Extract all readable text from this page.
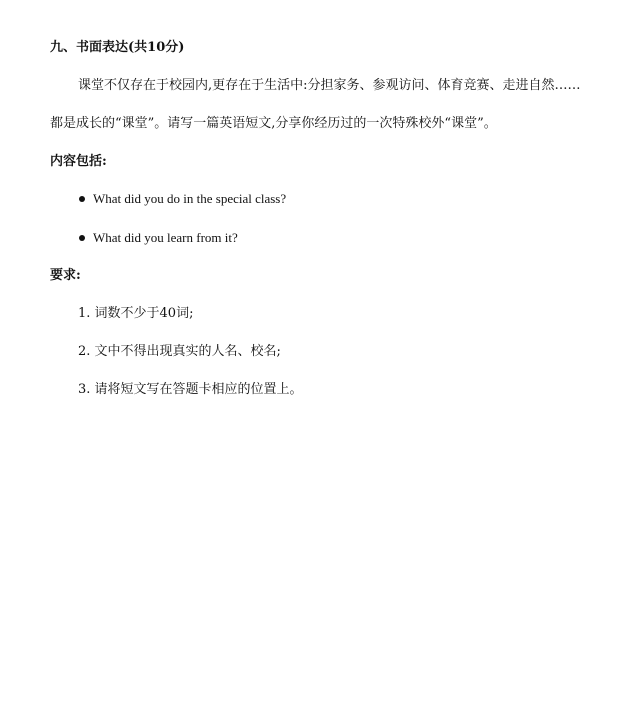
九、书面表达(共10分)
课堂不仅存在于校园内,更存在于生活中:分担家务、参观访问、体育竞赛、走进自然……
都是成长的“课堂”。请写一篇英语短文,分享你经历过的一次特殊校外“课堂”。
内容包括:
What did you do in the special class?
What did you learn from it?
要求:
1. 词数不少于40词;
2. 文中不得出现真实的人名、校名;
3. 请将短文写在答题卡相应的位置上。
